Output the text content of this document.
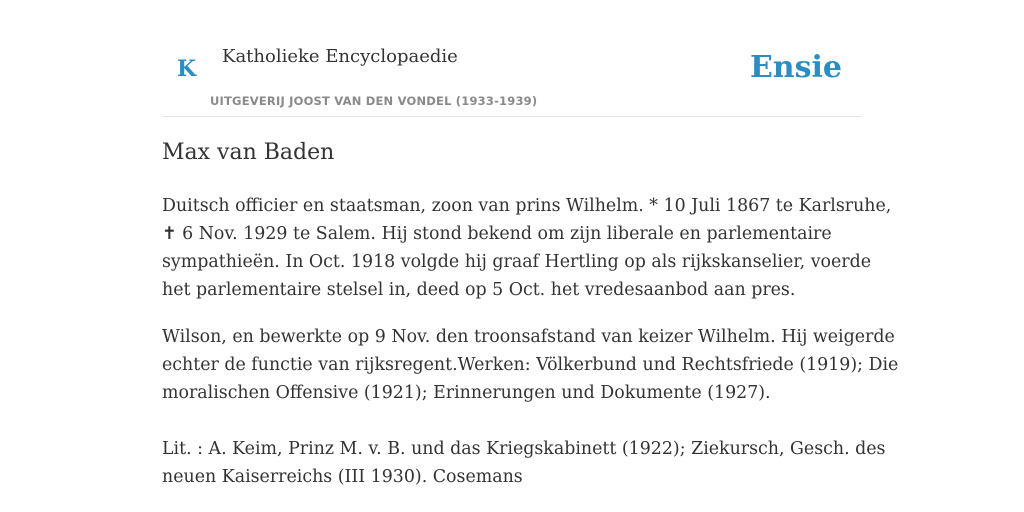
K Katholieke Encyclopaedie
UITGEVERIJ JOOST VAN DEN VONDEL (1933-1939)
Ensie
Max van Baden

Duitsch officier en staatsman, zoon van prins Wilhelm. * 10 Juli 1867 te Karlsruhe,
✝ 6 Nov. 1929 te Salem. Hij stond bekend om zijn liberale en parlementaire
sympathieën. In Oct. 1918 volgde hij graaf Hertling op als rijkskanselier, voerde
het parlementaire stelsel in, deed op 5 Oct. het vredesaanbod aan pres.

Wilson, en bewerkte op 9 Nov. den troonsafstand van keizer Wilhelm. Hij weigerde
echter de functie van rijksregent.Werken: Völkerbund und Rechtsfriede (1919); Die
moralischen Offensive (1921); Erinnerungen und Dokumente (1927).

Lit. : A. Keim, Prinz M. v. B. und das Kriegskabinett (1922); Ziekursch, Gesch. des
neuen Kaiserreichs (III 1930). Cosemans
